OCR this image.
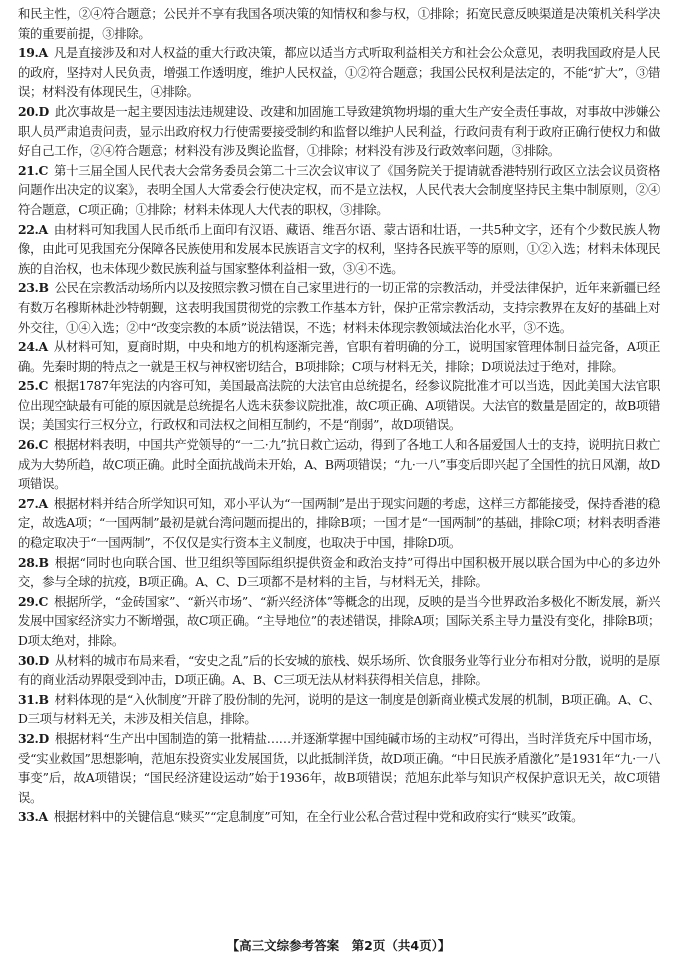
和民主性，②④符合题意；公民并不享有我国各项决策的知情权和参与权，①排除；拓宽民意反映渠道是决策机关科学决策的重要前提，③排除。

19.A  凡是直接涉及和对人权益的重大行政决策，都应以适当方式听取利益相关方和社会公众意见，表明我国政府是人民的政府，坚持对人民负责，增强工作透明度，维护人民权益，①②符合题意；我国公民权利是法定的，不能“扩大”，③错误；材料没有体现民生，④排除。

20.D  此次事故是一起主要因违法违规建设、改建和加固施工导致建筑物坍塌的重大生产安全责任事故，对事故中涉嫌公职人员严肃追责问责，显示出政府权力行使需要接受制约和监督以维护人民利益，行政问责有利于政府正确行使权力和做好自己工作，②④符合题意；材料没有涉及舆论监督，①排除；材料没有涉及行政效率问题，③排除。

21.C  第十三届全国人民代表大会常务委员会第二十三次会议审议了《国务院关于提请就香港特别行政区立法会议员资格问题作出决定的议案》，表明全国人大常委会行使决定权，而不是立法权，人民代表大会制度坚持民主集中制原则，②④符合题意，C项正确；①排除；材料未体现人大代表的职权，③排除。

22.A  由材料可知我国人民币纸币上面印有汉语、藏语、维吾尔语、蒙古语和壮语，一共5种文字，还有个少数民族人物像，由此可见我国充分保障各民族使用和发展本民族语言文字的权利，坚持各民族平等的原则，①②入选；材料未体现民族的自治权，也未体现少数民族利益与国家整体利益相一致，③④不选。

23.B  公民在宗教活动场所内以及按照宗教习惯在自己家里进行的一切正常的宗教活动，并受法律保护，近年来新疆已经有数万名穆斯林赴沙特朝觐，这表明我国贯彻党的宗教工作基本方针，保护正常宗教活动，支持宗教界在友好的基础上对外交往，①④入选；②中“改变宗教的本质”说法错误，不选；材料未体现宗教领域法治化水平，③不选。

24.A  从材料可知，夏商时期，中央和地方的机构逐渐完善，官职有着明确的分工，说明国家管理体制日益完备，A项正确。先秦时期的特点之一就是王权与神权密切结合，B项排除；C项与材料无关，排除；D项说法过于绝对，排除。

25.C  根据1787年宪法的内容可知，美国最高法院的大法官由总统提名，经参议院批准才可以当选，因此美国大法官职位出现空缺最有可能的原因就是总统提名人选未获参议院批准，故C项正确、A项错误。大法官的数量是固定的，故B项错误；美国实行三权分立，行政权和司法权之间相互制约，不是“削弱”，故D项错误。

26.C  根据材料表明，中国共产党领导的“一二·九”抗日救亡运动，得到了各地工人和各届爱国人士的支持，说明抗日救亡成为大势所趋，故C项正确。此时全面抗战尚未开始，A、B两项错误；“九·一八”事变后即兴起了全国性的抗日风潮，故D项错误。

27.A  根据材料并结合所学知识可知，邓小平认为“一国两制”是出于现实问题的考虑，这样三方都能接受，保持香港的稳定，故选A项；“一国两制”最初是就台湾问题而提出的，排除B项；一国才是“一国两制”的基础，排除C项；材料表明香港的稳定取决于“一国两制”，不仅仅是实行资本主义制度，也取决于中国，排除D项。

28.B  根据“同时也向联合国、世卫组织等国际组织提供资金和政治支持”可得出中国积极开展以联合国为中心的多边外交，参与全球的抗疫，B项正确。A、C、D三项都不是材料的主旨，与材料无关，排除。

29.C  根据所学，“金砖国家”、“新兴市场”、“新兴经济体”等概念的出现，反映的是当今世界政治多极化不断发展，新兴发展中国家经济实力不断增强，故C项正确。“主导地位”的表述错误，排除A项；国际关系主导力量没有变化，排除B项；D项太绝对，排除。

30.D  从材料的城市布局来看，“安史之乱”后的长安城的旅栈、娱乐场所、饮食服务业等行业分布相对分散，说明的是原有的商业活动界限受到冲击，D项正确。A、B、C三项无法从材料获得相关信息，排除。

31.B  材料体现的是“入伙制度”开辟了股份制的先河，说明的是这一制度是创新商业模式发展的机制，B项正确。A、C、D三项与材料无关，未涉及相关信息，排除。

32.D  根据材料“生产出中国制造的第一批精盐……并逐渐掌握中国纯碱市场的主动权”可得出，当时洋货充斥中国市场，受“实业救国”思想影响，范旭东投资实业发展国货，以此抵制洋货，故D项正确。“中日民族矛盾激化”是1931年“九·一八事变”后，故A项错误；“国民经济建设运动”始于1936年，故B项错误；范旭东此举与知识产权保护意识无关，故C项错误。

33.A  根据材料中的关键信息“赎买”“定息制度”可知，在全行业公私合营过程中党和政府实行“赎买”政策。

【高三文综参考答案　第2页（共4页）】
